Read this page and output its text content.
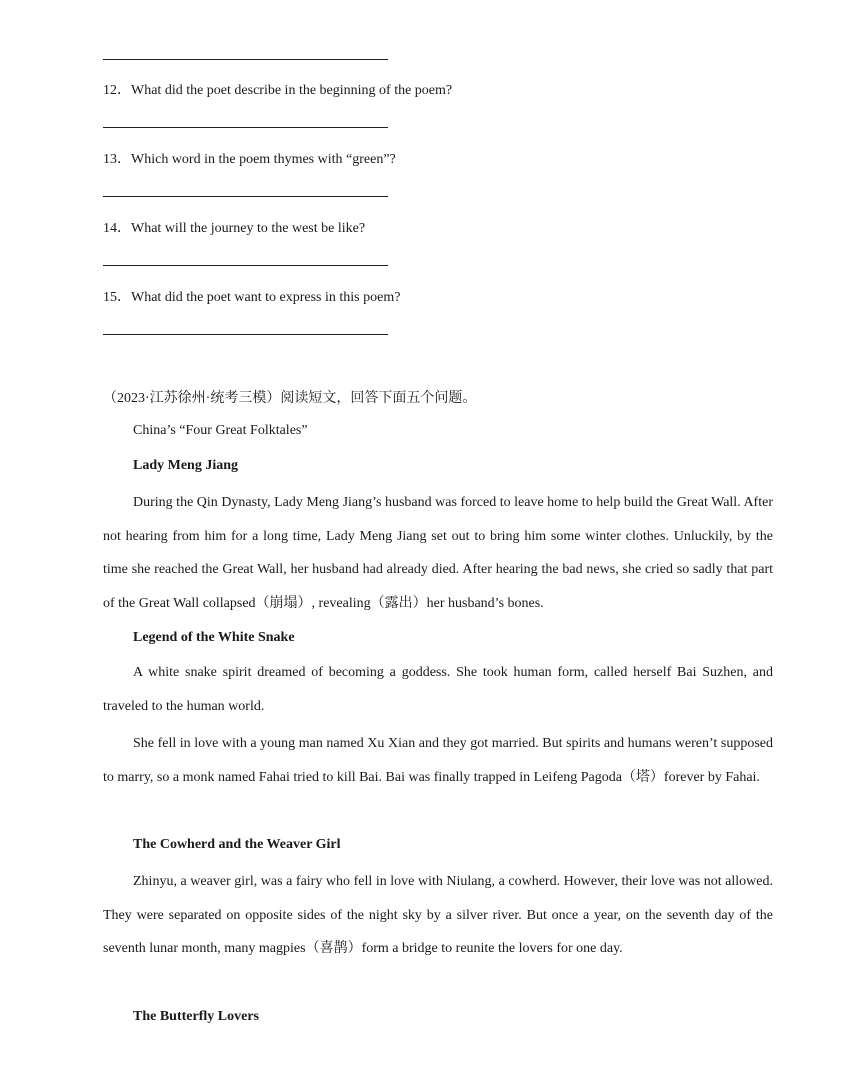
12．What did the poet describe in the beginning of the poem?
13．Which word in the poem thymes with “green”?
14．What will the journey to the west be like?
15．What did the poet want to express in this poem?
（2023·江苏徐州·统考三模）阅读短文，回答下面五个问题。
China’s “Four Great Folktales”
Lady Meng Jiang
During the Qin Dynasty, Lady Meng Jiang’s husband was forced to leave home to help build the Great Wall. After not hearing from him for a long time, Lady Meng Jiang set out to bring him some winter clothes. Unluckily, by the time she reached the Great Wall, her husband had already died. After hearing the bad news, she cried so sadly that part of the Great Wall collapsed（崩塌）, revealing（露出）her husband’s bones.
Legend of the White Snake
A white snake spirit dreamed of becoming a goddess. She took human form, called herself Bai Suzhen, and traveled to the human world.
She fell in love with a young man named Xu Xian and they got married. But spirits and humans weren’t supposed to marry, so a monk named Fahai tried to kill Bai. Bai was finally trapped in Leifeng Pagoda（塔）forever by Fahai.
The Cowherd and the Weaver Girl
Zhinyu, a weaver girl, was a fairy who fell in love with Niulang, a cowherd. However, their love was not allowed. They were separated on opposite sides of the night sky by a silver river. But once a year, on the seventh day of the seventh lunar month, many magpies（喜鹊）form a bridge to reunite the lovers for one day.
The Butterfly Lovers
